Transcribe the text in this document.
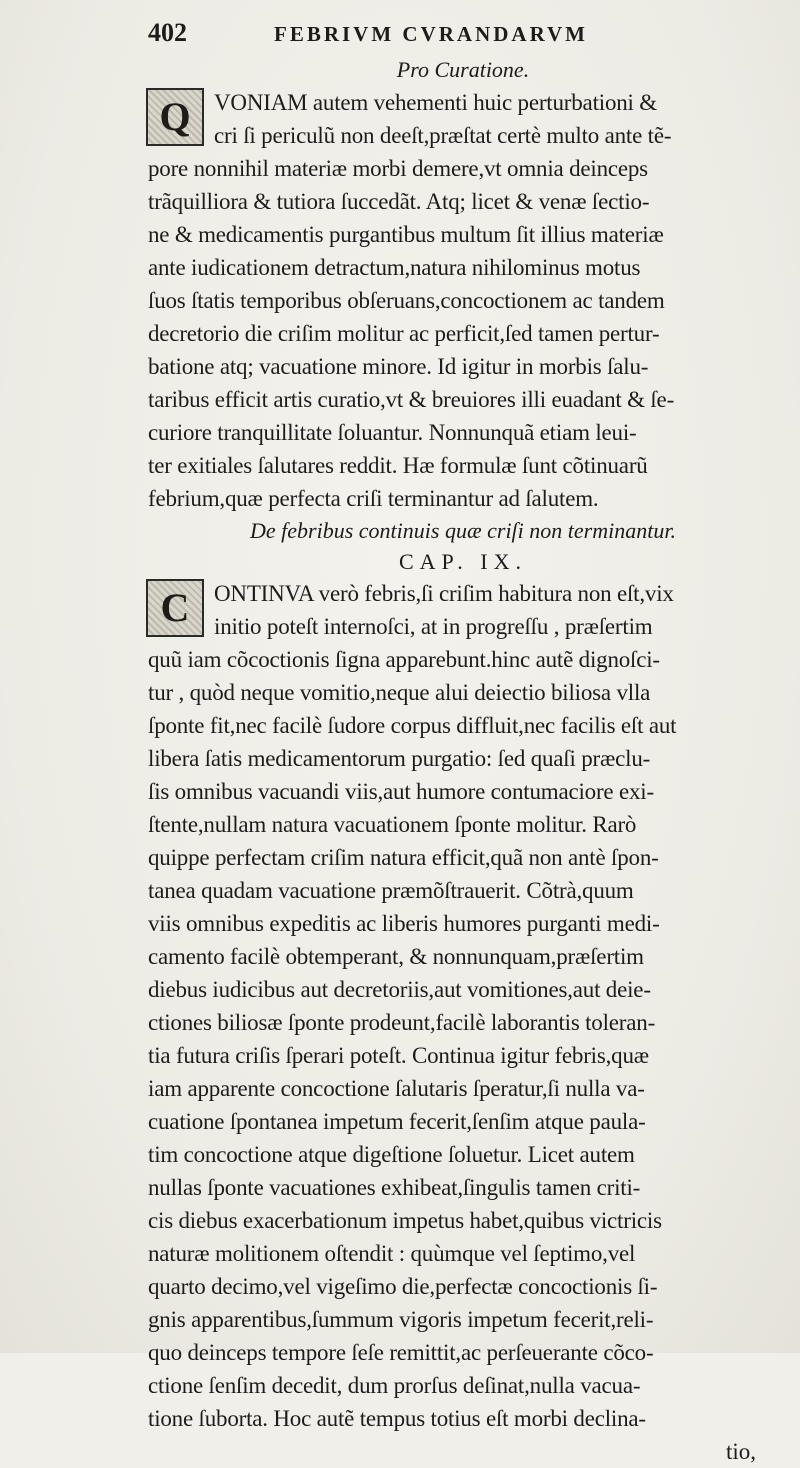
402	FEBRIVM CVRANDARVM
Pro Curatione.
Q	VONIAM autem vehementi huic perturbationi &
cri ſi periculũ non deeſt,præſtat certè multo ante tẽ-
pore nonnihil materiæ morbi demere,vt omnia deinceps
trãquilliora & tutiora ſuccedãt. Atq; licet & venæ ſectio-
ne & medicamentis purgantibus multum ſit illius materiæ
ante iudicationem detractum,natura nihilominus motus
ſuos ſtatis temporibus obſeruans,concoctionem ac tandem
decretorio die criſim molitur ac perficit,ſed tamen pertur-
batione atq; vacuatione minore. Id igitur in morbis ſalu-
taribus efficit artis curatio,vt & breuiores illi euadant & ſe-
curiore tranquillitate ſoluantur. Nonnunquã etiam leui-
ter exitiales ſalutares reddit. Hæ formulæ ſunt cõtinuarũ
febrium,quæ perfecta criſi terminantur ad ſalutem.
De febribus continuis quæ criſi non terminantur.
CAP. IX.
C	ONTINVA verò febris,ſi criſim habitura non eſt,vix
initio poteſt internoſci, at in progreſſu , præſertim
quũ iam cõcoctionis ſigna apparebunt.hinc autẽ dignoſci-
tur , quòd neque vomitio,neque alui deiectio biliosa vlla
ſponte fit,nec facilè ſudore corpus diffluit,nec facilis eſt aut
libera ſatis medicamentorum purgatio: ſed quaſi præclu-
ſis omnibus vacuandi viis,aut humore contumaciore exi-
ſtente,nullam natura vacuationem ſponte molitur. Rarò
quippe perfectam criſim natura efficit,quã non antè ſpon-
tanea quadam vacuatione præmõſtrauerit. Cõtrà,quum
viis omnibus expeditis ac liberis humores purganti medi-
camento facilè obtemperant, & nonnunquam,præſertim
diebus iudicibus aut decretoriis,aut vomitiones,aut deie-
ctiones biliosæ ſponte prodeunt,facilè laborantis toleran-
tia futura criſis ſperari poteſt. Continua igitur febris,quæ
iam apparente concoctione ſalutaris ſperatur,ſi nulla va-
cuatione ſpontanea impetum fecerit,ſenſim atque paula-
tim concoctione atque digeſtione ſoluetur. Licet autem
nullas ſponte vacuationes exhibeat,ſingulis tamen criti-
cis diebus exacerbationum impetus habet,quibus victricis
naturæ molitionem oſtendit : quùmque vel ſeptimo,vel
quarto decimo,vel vigeſimo die,perfectæ concoctionis ſi-
gnis apparentibus,ſummum vigoris impetum fecerit,reli-
quo deinceps tempore ſeſe remittit,ac perſeuerante cõco-
ctione ſenſim decedit, dum prorſus deſinat,nulla vacua-
tione ſuborta. Hoc autẽ tempus totius eſt morbi declina-
tio,
